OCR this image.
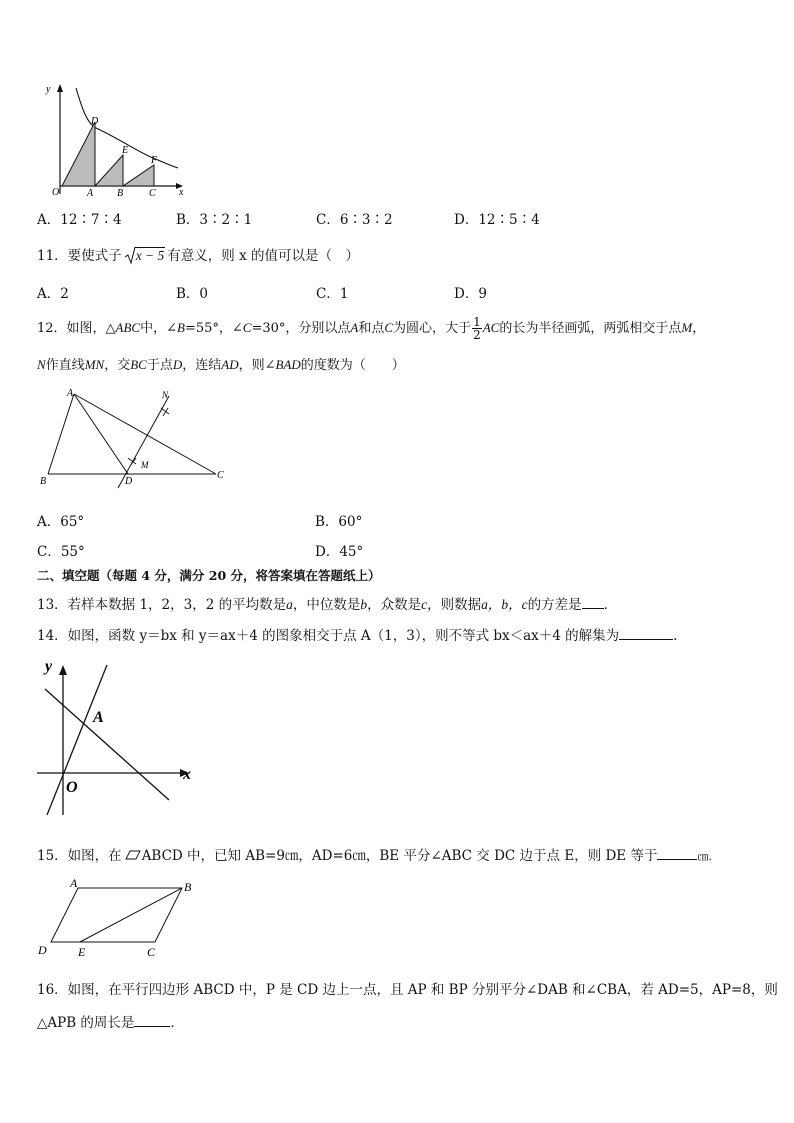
y
x
O	A B	C
D
E
F
A．12∶7∶4	B．3∶2∶1	C．6∶3∶2	D．12∶5∶4
11．要使式子 x − 5 有意义，则 x 的值可以是（　）
A．2	B．0	C．1	D．9
12．如图，△ABC中，∠B=55°，∠C=30°，分别以点A和点C为圆心，大于 $\frac{1}{2}$ AC的长为半径画弧，两弧相交于点M，
N作直线MN，交BC于点D，连结AD，则∠BAD的度数为（　　）
A
B
C
D
M
N
A．65°	B．60°
C．55°	D．45°
二、填空题（每题 4 分，满分 20 分，将答案填在答题纸上）
13．若样本数据 1，2，3，2 的平均数是a，中位数是b，众数是c，则数据a，b，c的方差是 ．
14．如图，函数 y＝bx 和 y＝ax＋4 的图象相交于点 A（1，3），则不等式 bx＜ax＋4 的解集为	.
y
x
A
O
15．如图，在 ABCD 中，已知 AB=9㎝，AD=6㎝，BE 平分∠ABC 交 DC 边于点 E，则 DE 等于	㎝.
A	B
C
D	E
16．如图，在平行四边形 ABCD 中，P 是 CD 边上一点，且 AP 和 BP 分别平分∠DAB 和∠CBA，若 AD=5，AP=8，则
△APB 的周长是	．
